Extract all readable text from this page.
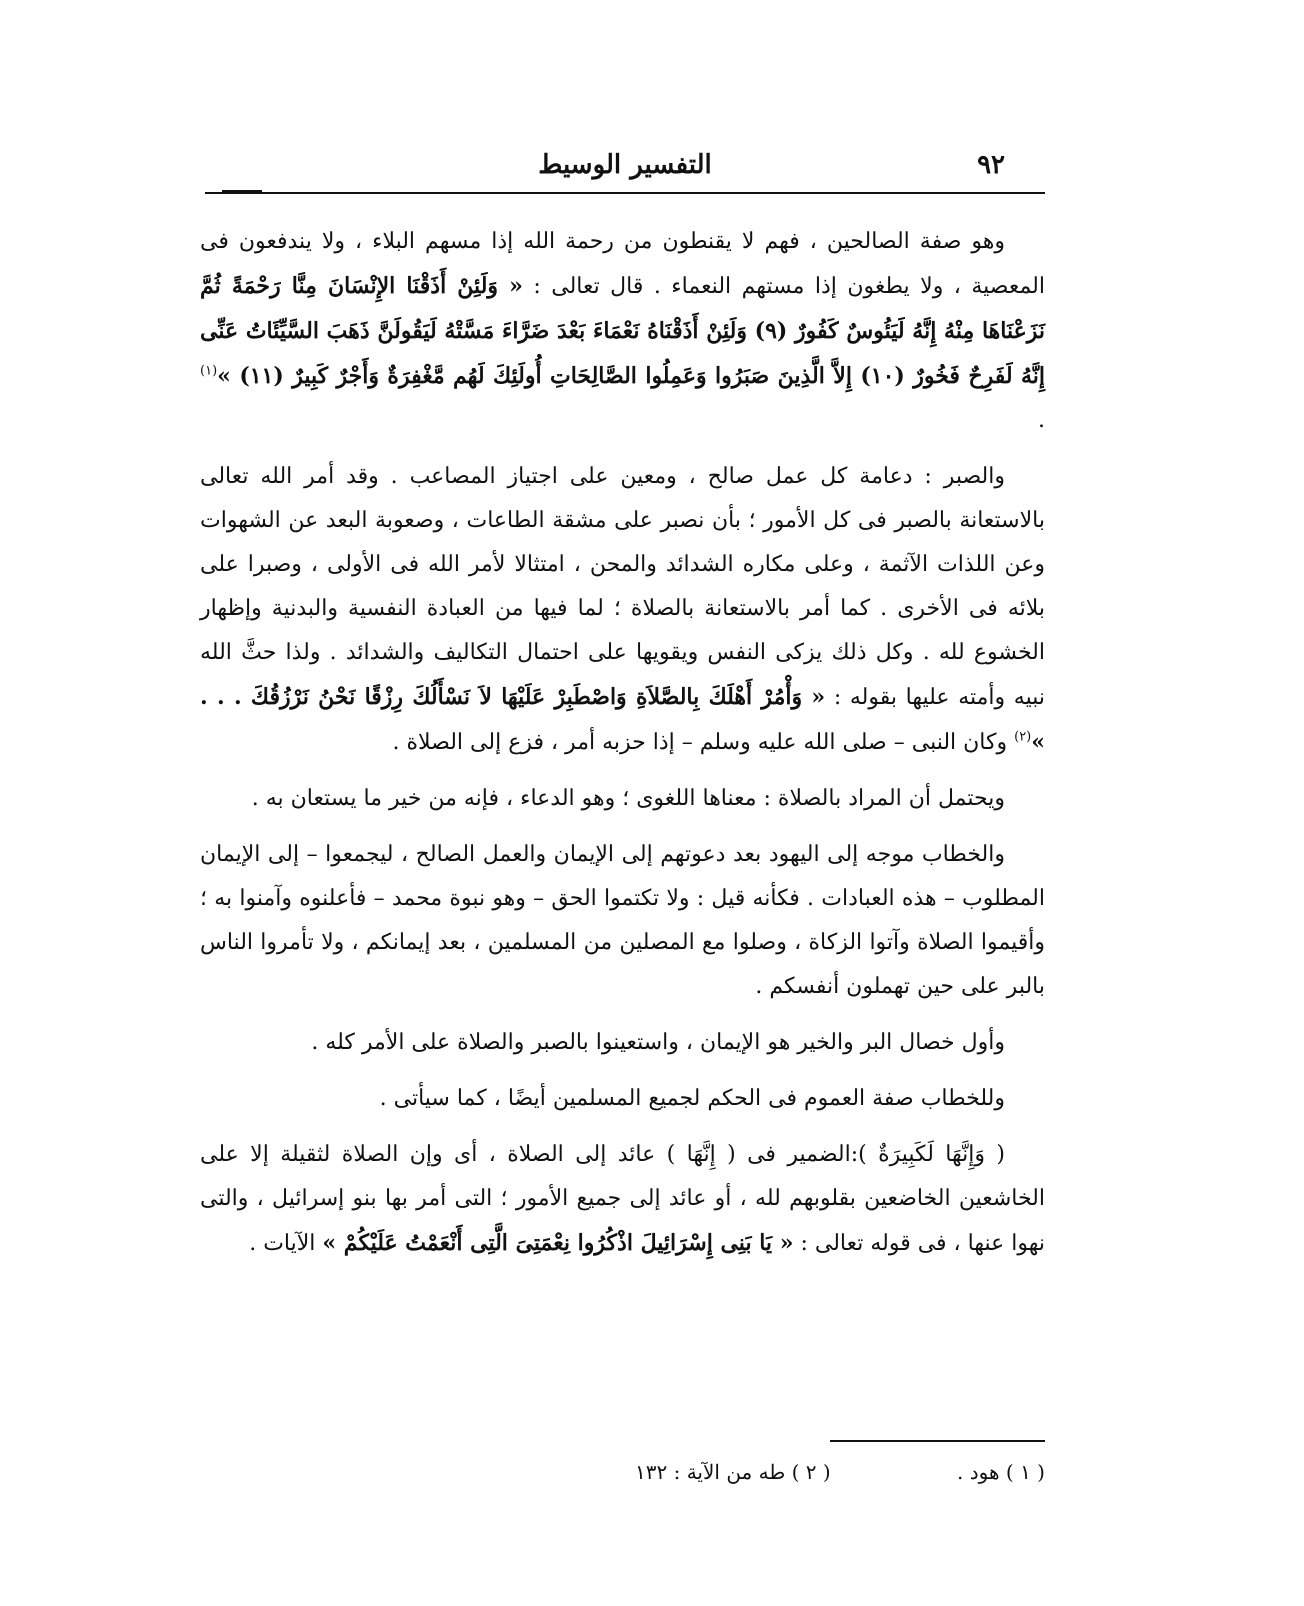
٩٢
التفسير الوسيط

وهو صفة الصالحين ، فهم لا يقنطون من رحمة الله إذا مسهم البلاء ، ولا يندفعون فى المعصية ، ولا يطغون إذا مستهم النعماء . قال تعالى : « وَلَئِنْ أَذَقْنَا الإِنْسَانَ مِنَّا رَحْمَةً ثُمَّ نَزَعْنَاهَا مِنْهُ إِنَّهُ لَيَئُوسٌ كَفُورٌ (٩) وَلَئِنْ أَذَقْنَاهُ نَعْمَاءَ بَعْدَ ضَرَّاءَ مَسَّتْهُ لَيَقُولَنَّ ذَهَبَ السَّيِّئَاتُ عَنِّى إِنَّهُ لَفَرِحٌ فَخُورٌ (١٠) إِلاَّ الَّذِينَ صَبَرُوا وَعَمِلُوا الصَّالِحَاتِ أُولَئِكَ لَهُم مَّغْفِرَةٌ وَأَجْرٌ كَبِيرٌ (١١) »$^{(١)}$ .

والصبر : دعامة كل عمل صالح ، ومعين على اجتياز المصاعب . وقد أمر الله تعالى بالاستعانة بالصبر فى كل الأمور ؛ بأن نصبر على مشقة الطاعات ، وصعوبة البعد عن الشهوات وعن اللذات الآثمة ، وعلى مكاره الشدائد والمحن ، امتثالا لأمر الله فى الأولى ، وصبرا على بلائه فى الأخرى . كما أمر بالاستعانة بالصلاة ؛ لما فيها من العبادة النفسية والبدنية وإظهار الخشوع لله . وكل ذلك يزكى النفس ويقويها على احتمال التكاليف والشدائد . ولذا حثَّ الله نبيه وأمته عليها بقوله : « وَأْمُرْ أَهْلَكَ بِالصَّلاَةِ وَاصْطَبِرْ عَلَيْهَا لاَ نَسْأَلُكَ رِزْقًا نَحْنُ نَرْزُقُكَ . . . »$^{(٢)}$ وكان النبى – صلى الله عليه وسلم – إذا حزبه أمر ، فزع إلى الصلاة .

ويحتمل أن المراد بالصلاة : معناها اللغوى ؛ وهو الدعاء ، فإنه من خير ما يستعان به .

والخطاب موجه إلى اليهود بعد دعوتهم إلى الإيمان والعمل الصالح ، ليجمعوا – إلى الإيمان المطلوب – هذه العبادات . فكأنه قيل : ولا تكتموا الحق – وهو نبوة محمد – فأعلنوه وآمنوا به ؛ وأقيموا الصلاة وآتوا الزكاة ، وصلوا مع المصلين من المسلمين ، بعد إيمانكم ، ولا تأمروا الناس بالبر على حين تهملون أنفسكم .

وأول خصال البر والخير هو الإيمان ، واستعينوا بالصبر والصلاة على الأمر كله .

وللخطاب صفة العموم فى الحكم لجميع المسلمين أيضًا ، كما سيأتى .

( وَإِنَّهَا لَكَبِيرَةٌ ):الضمير فى ( إِنَّهَا ) عائد إلى الصلاة ، أى وإن الصلاة لثقيلة إلا على الخاشعين الخاضعين بقلوبهم لله ، أو عائد إلى جميع الأمور ؛ التى أمر بها بنو إسرائيل ، والتى نهوا عنها ، فى قوله تعالى : « يَا بَنِى إِسْرَائِيلَ اذْكُرُوا نِعْمَتِىَ الَّتِى أَنْعَمْتُ عَلَيْكُمْ » الآيات .

( ١ ) هود . ( ٢ ) طه من الآية : ١٣٢
